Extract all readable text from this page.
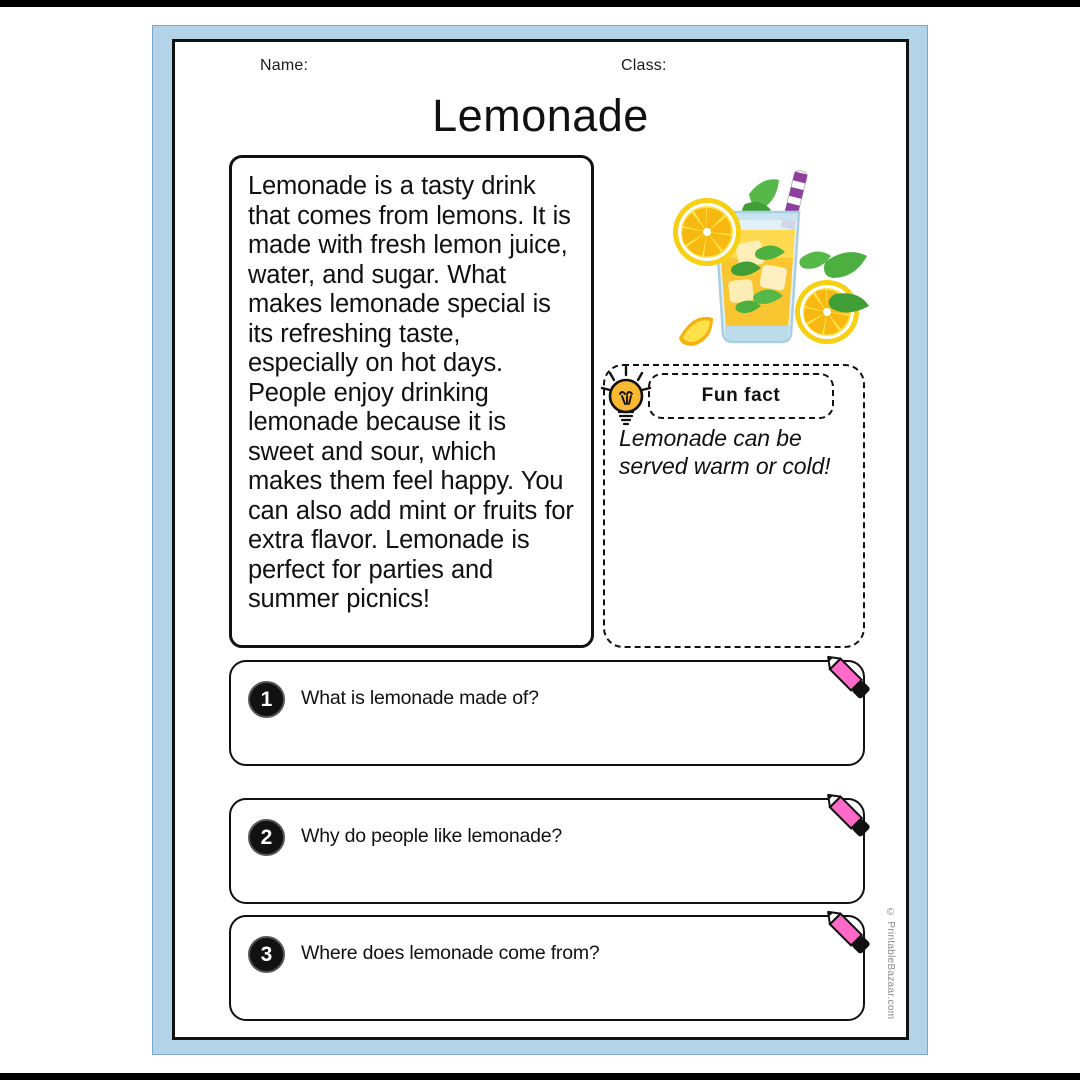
Name:	Class:
Lemonade
Lemonade is a tasty drink that comes from lemons. It is made with fresh lemon juice, water, and sugar. What makes lemonade special is its refreshing taste, especially on hot days. People enjoy drinking lemonade because it is sweet and sour, which makes them feel happy. You can also add mint or fruits for extra flavor. Lemonade is perfect for parties and summer picnics!
Fun fact
Lemonade can be served warm or cold!
1 What is lemonade made of?
2 Why do people like lemonade?
3 Where does lemonade come from?	© PrintableBazaar.com
